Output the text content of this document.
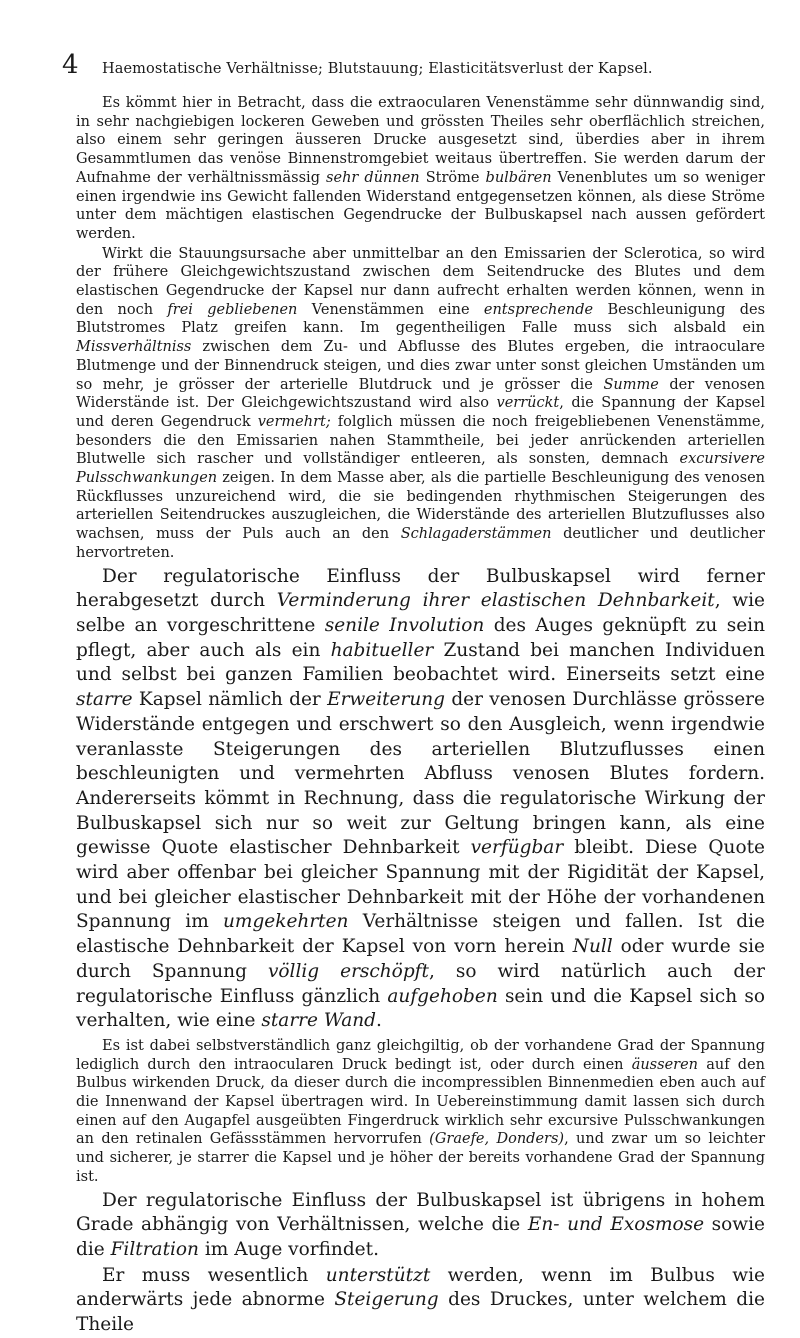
4	Haemostatische Verhältnisse; Blutstauung; Elasticitätsverlust der Kapsel.

Es kömmt hier in Betracht, dass die extraocularen Venenstämme sehr dünnwandig sind, in sehr nachgiebigen lockeren Geweben und grössten Theiles sehr oberflächlich streichen, also einem sehr geringen äusseren Drucke ausgesetzt sind, überdies aber in ihrem Gesammtlumen das venöse Binnenstromgebiet weitaus übertreffen. Sie werden darum der Aufnahme der verhältnissmässig sehr dünnen Ströme bulbären Venenblutes um so weniger einen irgendwie ins Gewicht fallenden Widerstand entgegensetzen können, als diese Ströme unter dem mächtigen elastischen Gegendrucke der Bulbuskapsel nach aussen gefördert werden.

Wirkt die Stauungsursache aber unmittelbar an den Emissarien der Sclerotica, so wird der frühere Gleichgewichtszustand zwischen dem Seitendrucke des Blutes und dem elastischen Gegendrucke der Kapsel nur dann aufrecht erhalten werden können, wenn in den noch frei gebliebenen Venenstämmen eine entsprechende Beschleunigung des Blutstromes Platz greifen kann. Im gegentheiligen Falle muss sich alsbald ein Missverhältniss zwischen dem Zu- und Abflusse des Blutes ergeben, die intraoculare Blutmenge und der Binnendruck steigen, und dies zwar unter sonst gleichen Umständen um so mehr, je grösser der arterielle Blutdruck und je grösser die Summe der venosen Widerstände ist. Der Gleichgewichtszustand wird also verrückt, die Spannung der Kapsel und deren Gegendruck vermehrt; folglich müssen die noch freigebliebenen Venenstämme, besonders die den Emissarien nahen Stammtheile, bei jeder anrückenden arteriellen Blutwelle sich rascher und vollständiger entleeren, als sonsten, demnach excursivere Pulsschwankungen zeigen. In dem Masse aber, als die partielle Beschleunigung des venosen Rückflusses unzureichend wird, die sie bedingenden rhythmischen Steigerungen des arteriellen Seitendruckes auszugleichen, die Widerstände des arteriellen Blutzuflusses also wachsen, muss der Puls auch an den Schlagaderstämmen deutlicher und deutlicher hervortreten.

Der regulatorische Einfluss der Bulbuskapsel wird ferner herabgesetzt durch Verminderung ihrer elastischen Dehnbarkeit, wie selbe an vorgeschrittene senile Involution des Auges geknüpft zu sein pflegt, aber auch als ein habitueller Zustand bei manchen Individuen und selbst bei ganzen Familien beobachtet wird. Einerseits setzt eine starre Kapsel nämlich der Erweiterung der venosen Durchlässe grössere Widerstände entgegen und erschwert so den Ausgleich, wenn irgendwie veranlasste Steigerungen des arteriellen Blutzuflusses einen beschleunigten und vermehrten Abfluss venosen Blutes fordern. Andererseits kömmt in Rechnung, dass die regulatorische Wirkung der Bulbuskapsel sich nur so weit zur Geltung bringen kann, als eine gewisse Quote elastischer Dehnbarkeit verfügbar bleibt. Diese Quote wird aber offenbar bei gleicher Spannung mit der Rigidität der Kapsel, und bei gleicher elastischer Dehnbarkeit mit der Höhe der vorhandenen Spannung im umgekehrten Verhältnisse steigen und fallen. Ist die elastische Dehnbarkeit der Kapsel von vorn herein Null oder wurde sie durch Spannung völlig erschöpft, so wird natürlich auch der regulatorische Einfluss gänzlich aufgehoben sein und die Kapsel sich so verhalten, wie eine starre Wand.

Es ist dabei selbstverständlich ganz gleichgiltig, ob der vorhandene Grad der Spannung lediglich durch den intraocularen Druck bedingt ist, oder durch einen äusseren auf den Bulbus wirkenden Druck, da dieser durch die incompressiblen Binnenmedien eben auch auf die Innenwand der Kapsel übertragen wird. In Uebereinstimmung damit lassen sich durch einen auf den Augapfel ausgeübten Fingerdruck wirklich sehr excursive Pulsschwankungen an den retinalen Gefässstämmen hervorrufen (Graefe, Donders), und zwar um so leichter und sicherer, je starrer die Kapsel und je höher der bereits vorhandene Grad der Spannung ist.

Der regulatorische Einfluss der Bulbuskapsel ist übrigens in hohem Grade abhängig von Verhältnissen, welche die En- und Exosmose sowie die Filtration im Auge vorfindet.

Er muss wesentlich unterstützt werden, wenn im Bulbus wie anderwärts jede abnorme Steigerung des Druckes, unter welchem die Theile
